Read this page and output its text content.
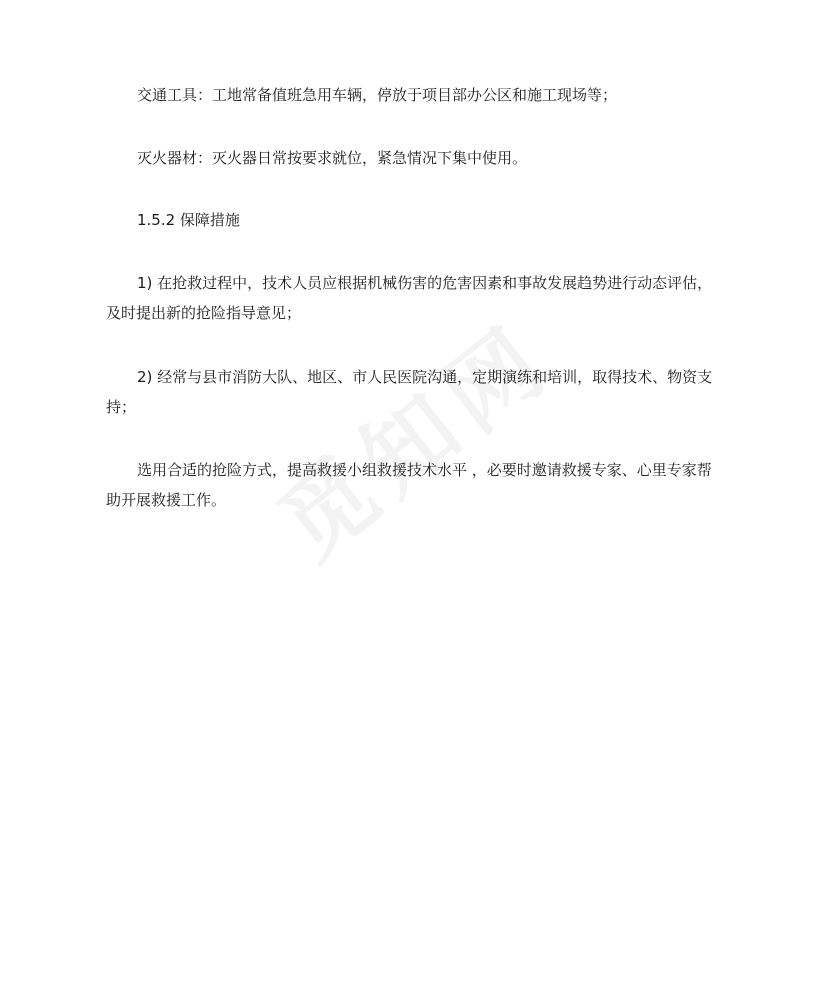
交通工具：工地常备值班急用车辆，停放于项目部办公区和施工现场等；

灭火器材：灭火器日常按要求就位，紧急情况下集中使用。

1.5.2 保障措施

1) 在抢救过程中，技术人员应根据机械伤害的危害因素和事故发展趋势进行动态评估，及时提出新的抢险指导意见；

2) 经常与县市消防大队、地区、市人民医院沟通，定期演练和培训，取得技术、物资支持；

选用合适的抢险方式，提高救援小组救援技术水平 ，必要时邀请救援专家、心里专家帮助开展救援工作。
